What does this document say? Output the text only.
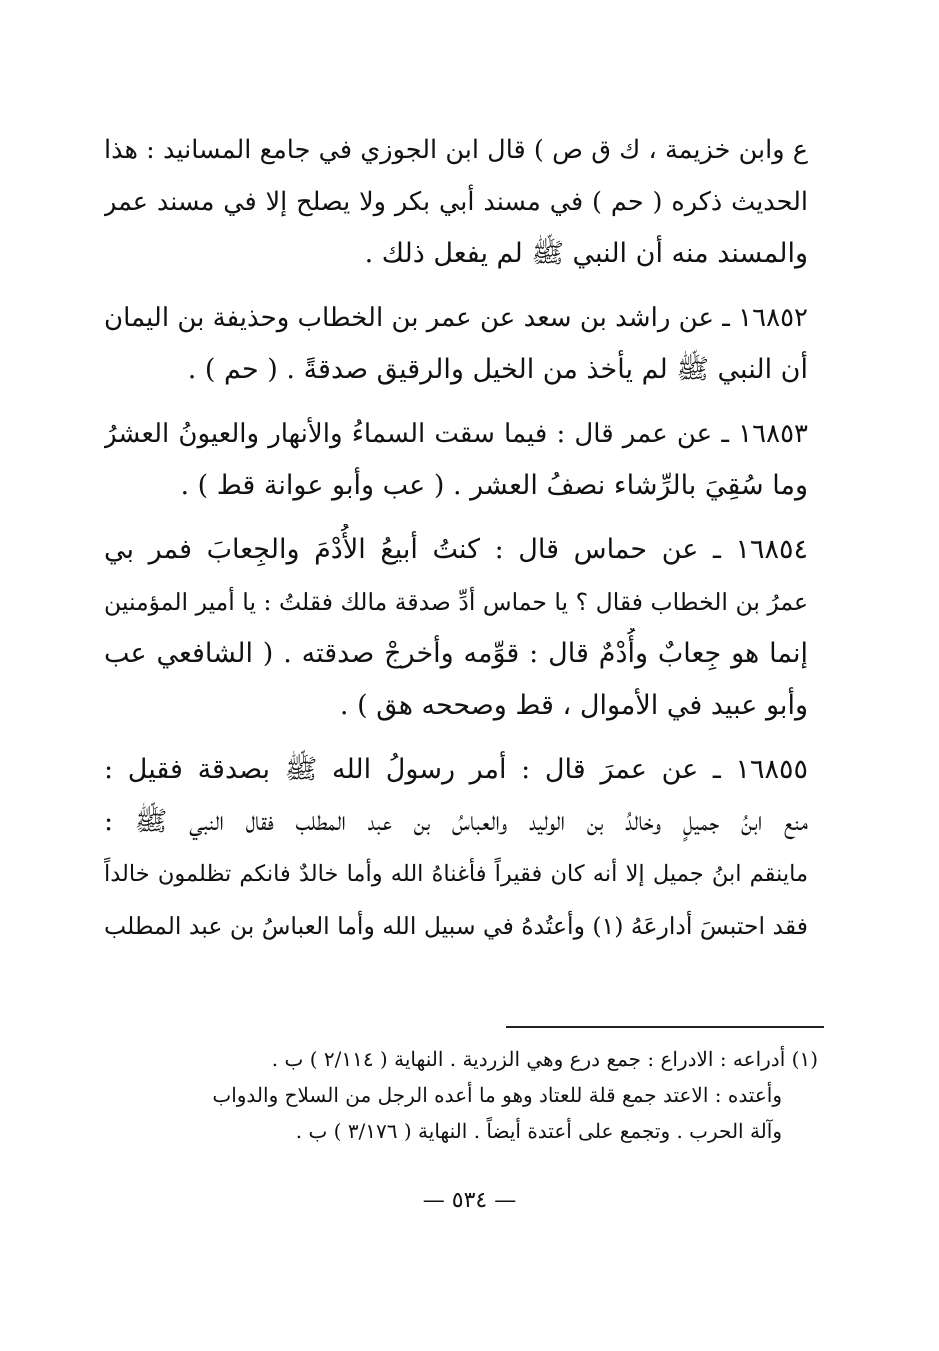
ع وابن خزيمة ، ك ق ص ) قال ابن الجوزي في جامع المسانيد : هذا
الحديث ذكره ( حم ) في مسند أبي بكر ولا يصلح إلا في مسند عمر
والمسند منه أن النبي ﷺ لم يفعل ذلك .
١٦٨٥٢ ـ عن راشد بن سعد عن عمر بن الخطاب وحذيفة بن اليمان
أن النبي ﷺ لم يأخذ من الخيل والرقيق صدقةً . ( حم ) .
١٦٨٥٣ ـ عن عمر قال : فيما سقت السماءُ والأنهار والعيونُ العشرُ
وما سُقِيَ بالرِّشاء نصفُ العشر . ( عب وأبو عوانة قط ) .
١٦٨٥٤ ـ عن حماس قال : كنتُ أبيعُ الأُدْمَ والجِعابَ فمر بي
عمرُ بن الخطاب فقال ؟ يا حماس أدِّ صدقة مالك فقلتُ : يا أمير المؤمنين
إنما هو جِعابٌ وأُدْمٌ قال : قوِّمه وأخرجْ صدقته . ( الشافعي عب
وأبو عبيد في الأموال ، قط وصححه هق ) .
١٦٨٥٥ ـ عن عمرَ قال : أمر رسولُ الله ﷺ بصدقة فقيل :
منع ابنُ جميلٍ وخالدُ بن الوليد والعباسُ بن عبد المطلب فقال النبي ﷺ :
ماينقم ابنُ جميل إلا أنه كان فقيراً فأغناهُ الله وأما خالدٌ فانكم تظلمون خالداً
فقد احتبسَ أدارعَهُ (١) وأعتُدهُ في سبيل الله وأما العباسُ بن عبد المطلب
(١) أدراعه : الادراع : جمع درع وهي الزردية . النهاية ( ٢/١١٤ ) ب .
وأعتده : الاعتد جمع قلة للعتاد وهو ما أعده الرجل من السلاح والدواب
وآلة الحرب . وتجمع على أعتدة أيضاً . النهاية ( ٣/١٧٦ ) ب .
— ٥٣٤ —
